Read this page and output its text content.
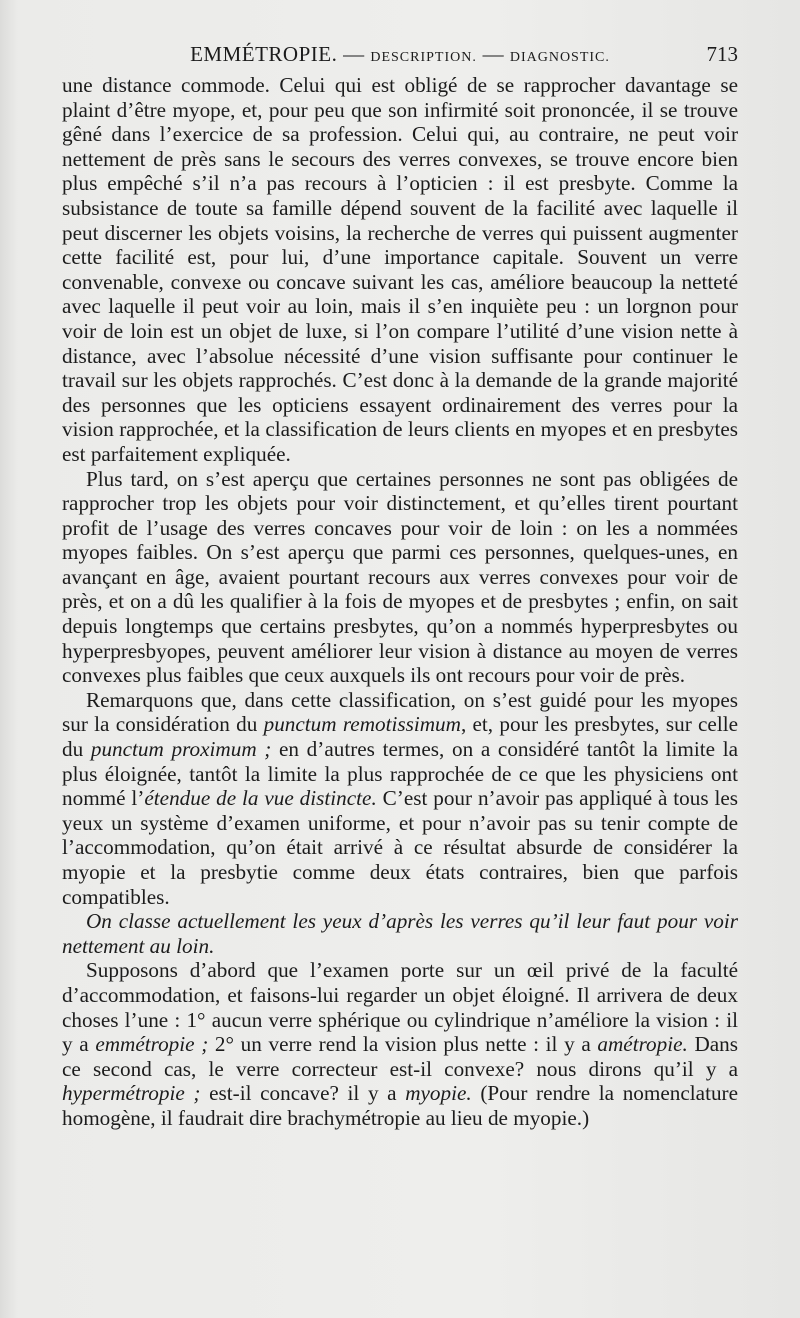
EMMÉTROPIE. — DESCRIPTION. — DIAGNOSTIC.	713

une distance commode. Celui qui est obligé de se rapprocher davantage se plaint d’être myope, et, pour peu que son infirmité soit prononcée, il se trouve gêné dans l’exercice de sa profession. Celui qui, au contraire, ne peut voir nettement de près sans le secours des verres convexes, se trouve encore bien plus empêché s’il n’a pas recours à l’opticien : il est presbyte. Comme la subsistance de toute sa famille dépend souvent de la facilité avec laquelle il peut discerner les objets voisins, la recherche de verres qui puissent augmenter cette facilité est, pour lui, d’une importance capitale. Souvent un verre convenable, convexe ou concave suivant les cas, améliore beaucoup la netteté avec laquelle il peut voir au loin, mais il s’en inquiète peu : un lorgnon pour voir de loin est un objet de luxe, si l’on compare l’utilité d’une vision nette à distance, avec l’absolue nécessité d’une vision suffisante pour continuer le travail sur les objets rapprochés. C’est donc à la demande de la grande majorité des personnes que les opticiens essayent ordinairement des verres pour la vision rapprochée, et la classification de leurs clients en myopes et en presbytes est parfaitement expliquée.

Plus tard, on s’est aperçu que certaines personnes ne sont pas obligées de rapprocher trop les objets pour voir distinctement, et qu’elles tirent pourtant profit de l’usage des verres concaves pour voir de loin : on les a nommées myopes faibles. On s’est aperçu que parmi ces personnes, quelques-unes, en avançant en âge, avaient pourtant recours aux verres convexes pour voir de près, et on a dû les qualifier à la fois de myopes et de presbytes ; enfin, on sait depuis longtemps que certains presbytes, qu’on a nommés hyperpresbytes ou hyperpresbyopes, peuvent améliorer leur vision à distance au moyen de verres convexes plus faibles que ceux auxquels ils ont recours pour voir de près.

Remarquons que, dans cette classification, on s’est guidé pour les myopes sur la considération du punctum remotissimum, et, pour les presbytes, sur celle du punctum proximum ; en d’autres termes, on a considéré tantôt la limite la plus éloignée, tantôt la limite la plus rapprochée de ce que les physiciens ont nommé l’étendue de la vue distincte. C’est pour n’avoir pas appliqué à tous les yeux un système d’examen uniforme, et pour n’avoir pas su tenir compte de l’accommodation, qu’on était arrivé à ce résultat absurde de considérer la myopie et la presbytie comme deux états contraires, bien que parfois compatibles.

On classe actuellement les yeux d’après les verres qu’il leur faut pour voir nettement au loin.

Supposons d’abord que l’examen porte sur un œil privé de la faculté d’accommodation, et faisons-lui regarder un objet éloigné. Il arrivera de deux choses l’une : 1° aucun verre sphérique ou cylindrique n’améliore la vision : il y a emmétropie ; 2° un verre rend la vision plus nette : il y a amétropie. Dans ce second cas, le verre correcteur est-il convexe? nous dirons qu’il y a hypermétropie ; est-il concave? il y a myopie. (Pour rendre la nomenclature homogène, il faudrait dire brachymétropie au lieu de myopie.)
